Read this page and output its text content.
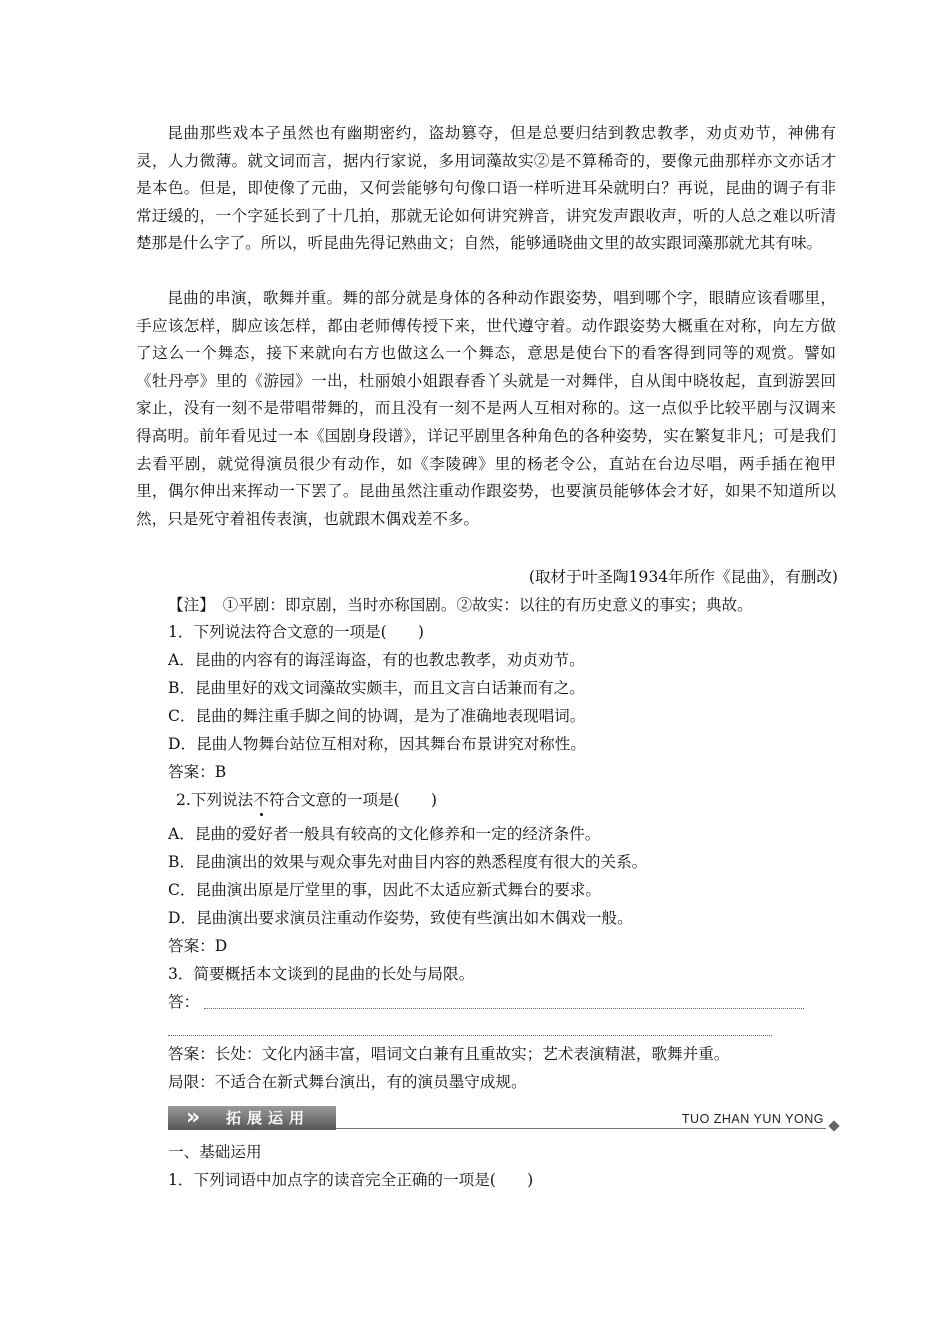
昆曲那些戏本子虽然也有幽期密约，盗劫篡夺，但是总要归结到教忠教孝，劝贞劝节，神佛有灵，人力微薄。就文词而言，据内行家说，多用词藻故实②是不算稀奇的，要像元曲那样亦文亦话才是本色。但是，即使像了元曲，又何尝能够句句像口语一样听进耳朵就明白？再说，昆曲的调子有非常迂缓的，一个字延长到了十几拍，那就无论如何讲究辨音，讲究发声跟收声，听的人总之难以听清楚那是什么字了。所以，听昆曲先得记熟曲文；自然，能够通晓曲文里的故实跟词藻那就尤其有味。
昆曲的串演，歌舞并重。舞的部分就是身体的各种动作跟姿势，唱到哪个字，眼睛应该看哪里，手应该怎样，脚应该怎样，都由老师傅传授下来，世代遵守着。动作跟姿势大概重在对称，向左方做了这么一个舞态，接下来就向右方也做这么一个舞态，意思是使台下的看客得到同等的观赏。譬如《牡丹亭》里的《游园》一出，杜丽娘小姐跟春香丫头就是一对舞伴，自从闺中晓妆起，直到游罢回家止，没有一刻不是带唱带舞的，而且没有一刻不是两人互相对称的。这一点似乎比较平剧与汉调来得高明。前年看见过一本《国剧身段谱》，详记平剧里各种角色的各种姿势，实在繁复非凡；可是我们去看平剧，就觉得演员很少有动作，如《李陵碑》里的杨老令公，直站在台边尽唱，两手插在袍甲里，偶尔伸出来挥动一下罢了。昆曲虽然注重动作跟姿势，也要演员能够体会才好，如果不知道所以然，只是死守着祖传表演，也就跟木偶戏差不多。
(取材于叶圣陶1934年所作《昆曲》，有删改)
【注】　①平剧：即京剧，当时亦称国剧。②故实：以往的有历史意义的事实；典故。
1．下列说法符合文意的一项是(　　)
A．昆曲的内容有的诲淫诲盗，有的也教忠教孝，劝贞劝节。
B．昆曲里好的戏文词藻故实颇丰，而且文言白话兼而有之。
C．昆曲的舞注重手脚之间的协调，是为了准确地表现唱词。
D．昆曲人物舞台站位互相对称，因其舞台布景讲究对称性。
答案：B
2.下列说法不符合文意的一项是(　　)
A．昆曲的爱好者一般具有较高的文化修养和一定的经济条件。
B．昆曲演出的效果与观众事先对曲目内容的熟悉程度有很大的关系。
C．昆曲演出原是厅堂里的事，因此不太适应新式舞台的要求。
D．昆曲演出要求演员注重动作姿势，致使有些演出如木偶戏一般。
答案：D
3．简要概括本文谈到的昆曲的长处与局限。
答：
答案：长处：文化内涵丰富，唱词文白兼有且重故实；艺术表演精湛，歌舞并重。
局限：不适合在新式舞台演出，有的演员墨守成规。
» 拓展运用	TUO ZHAN YUN YONG
一、基础运用
1．下列词语中加点字的读音完全正确的一项是(　　)
